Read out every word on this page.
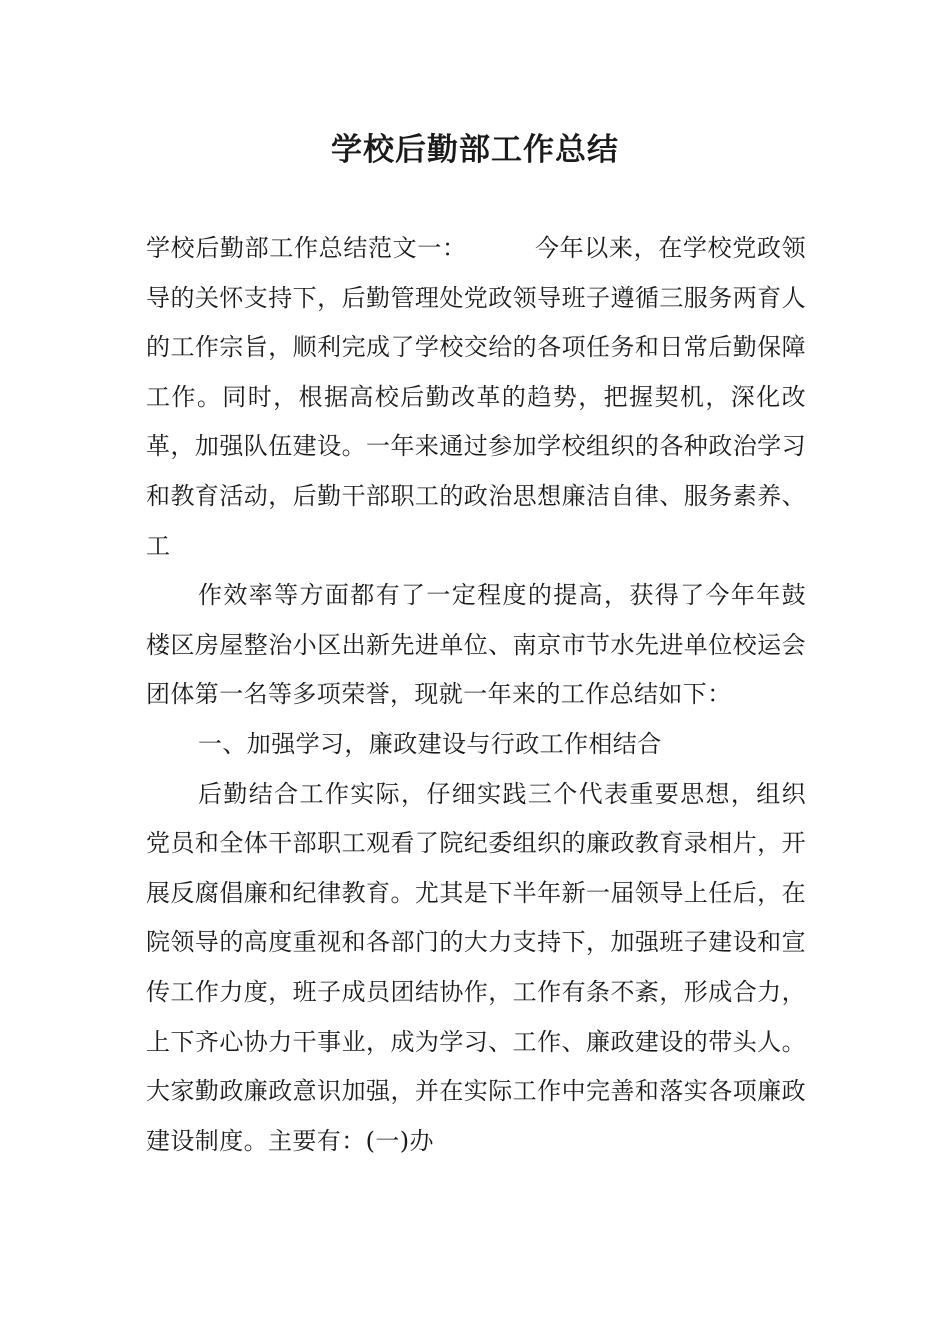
学校后勤部工作总结

学校后勤部工作总结范文一：	今年以来，在学校党政领导的关怀支持下，后勤管理处党政领导班子遵循三服务两育人的工作宗旨，顺利完成了学校交给的各项任务和日常后勤保障工作。同时，根据高校后勤改革的趋势，把握契机，深化改革，加强队伍建设。一年来通过参加学校组织的各种政治学习和教育活动，后勤干部职工的政治思想廉洁自律、服务素养、工

作效率等方面都有了一定程度的提高，获得了今年年鼓楼区房屋整治小区出新先进单位、南京市节水先进单位校运会团体第一名等多项荣誉，现就一年来的工作总结如下：

一、加强学习，廉政建设与行政工作相结合

后勤结合工作实际，仔细实践三个代表重要思想，组织党员和全体干部职工观看了院纪委组织的廉政教育录相片，开展反腐倡廉和纪律教育。尤其是下半年新一届领导上任后，在院领导的高度重视和各部门的大力支持下，加强班子建设和宣传工作力度，班子成员团结协作，工作有条不紊，形成合力，上下齐心协力干事业，成为学习、工作、廉政建设的带头人。大家勤政廉政意识加强，并在实际工作中完善和落实各项廉政建设制度。主要有：(一)办
